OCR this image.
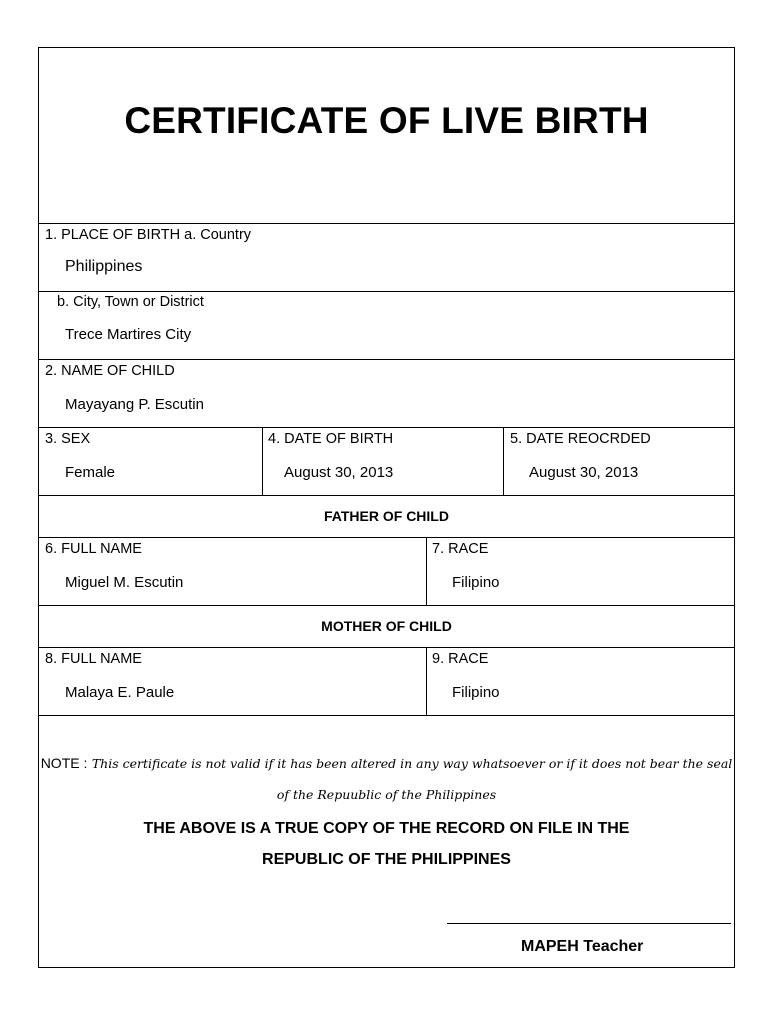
CERTIFICATE OF LIVE BIRTH
1. PLACE OF BIRTH a. Country
Philippines
b. City, Town or District
Trece Martires City
2. NAME OF CHILD
Mayayang P. Escutin
3. SEX
Female
4. DATE OF BIRTH
August 30, 2013
5. DATE REOCRDED
August 30, 2013
FATHER OF CHILD
6. FULL NAME
Miguel M. Escutin
7. RACE
Filipino
MOTHER OF CHILD
8. FULL NAME
Malaya E. Paule
9. RACE
Filipino
NOTE : This certificate is not valid if it has been altered in any way whatsoever or if it does not bear the seal of the Repuublic of the Philippines
THE ABOVE IS A TRUE COPY OF THE RECORD ON FILE IN THE
REPUBLIC OF THE PHILIPPINES
MAPEH Teacher
